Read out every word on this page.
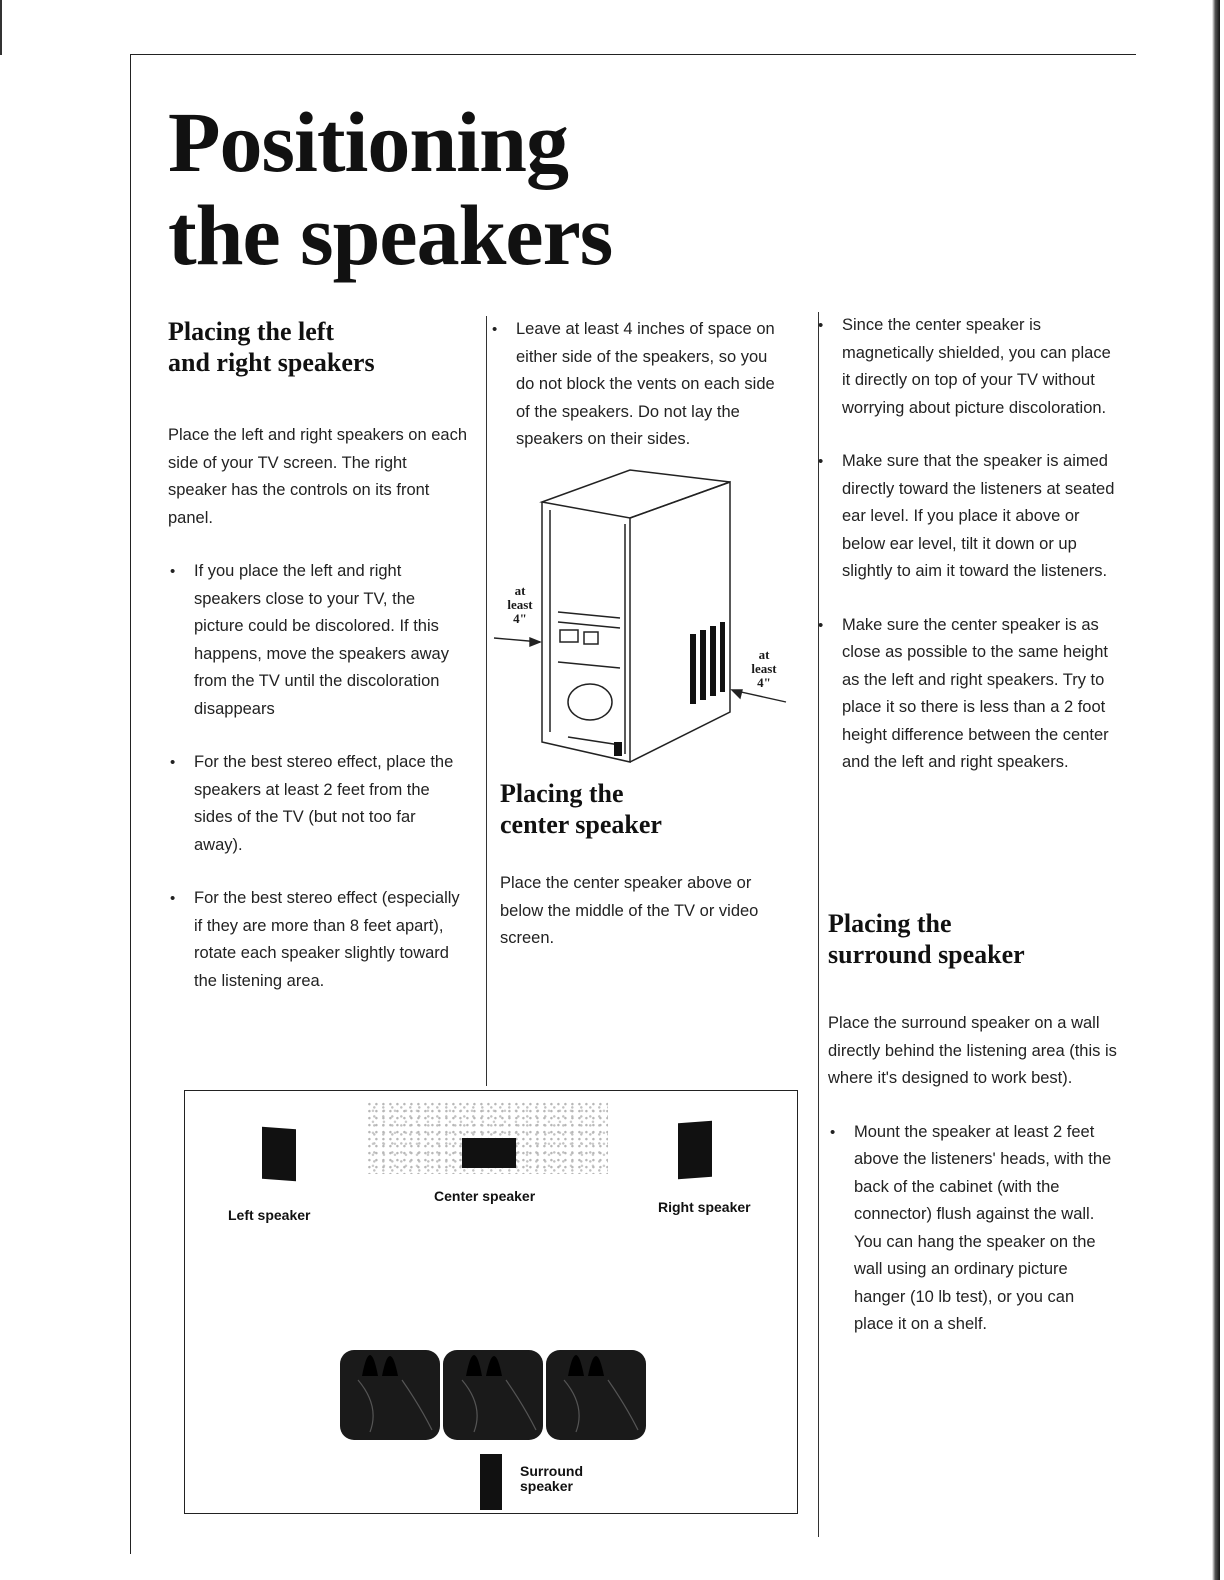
Positioning
the speakers
Placing the left
and right speakers

Place the left and right speakers on each side of your TV screen. The right speaker has the controls on its front panel.

• If you place the left and right speakers close to your TV, the picture could be discolored. If this happens, move the speakers away from the TV until the discoloration disappears
• For the best stereo effect, place the speakers at least 2 feet from the sides of the TV (but not too far away).
• For the best stereo effect (especially if they are more than 8 feet apart), rotate each speaker slightly toward the listening area.
• Leave at least 4 inches of space on either side of the speakers, so you do not block the vents on each side of the speakers. Do not lay the speakers on their sides.
at
least
4"
at
least
4"
Placing the
center speaker

Place the center speaker above or below the middle of the TV or video screen.

• Since the center speaker is magnetically shielded, you can place it directly on top of your TV without worrying about picture discoloration.
• Make sure that the speaker is aimed directly toward the listeners at seated ear level. If you place it above or below ear level, tilt it down or up slightly to aim it toward the listeners.
• Make sure the center speaker is as close as possible to the same height as the left and right speakers. Try to place it so there is less than a 2 foot height difference between the center and the left and right speakers.
Placing the
surround speaker

Place the surround speaker on a wall directly behind the listening area (this is where it's designed to work best).

• Mount the speaker at least 2 feet above the listeners' heads, with the back of the cabinet (with the connector) flush against the wall. You can hang the speaker on the wall using an ordinary picture hanger (10 lb test), or you can place it on a shelf.
Left speaker
Center speaker
Right speaker
Surround
speaker
